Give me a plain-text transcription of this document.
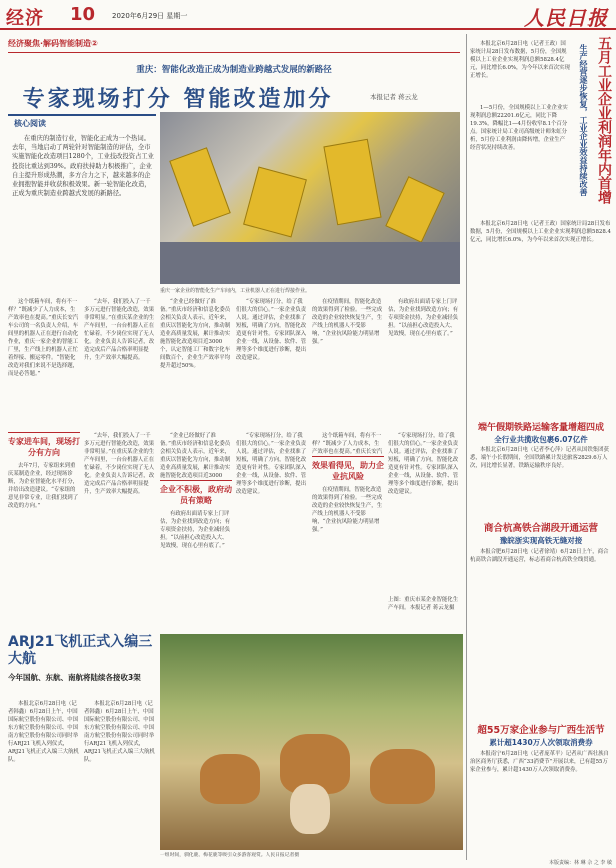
经济 10 2020年6月29日 星期一	人民日报
经济聚焦·解码智能制造②
重庆：智能化改造正成为制造业跨越式发展的新路径
专家现场打分 智能改造加分	本报记者 蒋云龙
核心阅读
在重庆的制造行业，智能化正成为一个热词。去年，当地启动了两轮针对智能制造的评估，全市实施智能化改造项目1280个，工业技改投资占工业投资比重达到39%。政府扶持助力积极推广，企业自主提升形成热潮，多方合力之下，越来越多的企业拥抱智能并收获积极效果。新一轮智能化改造，正成为重庆制造业跨越式发展的新路径。
重庆一家企业的智能化生产车间内，工业机器人正在进行焊接作业。
这个纸箱车间，将有不一样？“既减少了人力成本，生产效率也在提高。”重庆长安汽车公司的一名负责人介绍，车间里的机器人正在进行自动化作业，重庆一家企业的智能工厂里，生产线上的机器人正忙着焊接、搬运零件。“智能化改造对我们来说不是选择题，而是必答题。”
“去年，我们投入了一千多万元进行智能化改造，效果非常明显。”在重庆某企业的生产车间里，一台台机器人正在忙碌着，不少岗位实现了无人化。企业负责人告诉记者，改造完成后产品合格率明显提升，生产效率大幅提高。
“企业已经做好了准备。”重庆市经济和信息化委员会相关负责人表示，近年来，重庆以智能化为方向，推动制造业高质量发展，累计推动实施智能化改造项目近3000个，认定智能工厂和数字化车间数百个，企业生产效率平均提升超过50%。
“专家现场打分，给了我们很大的信心。”一家企业负责人说。通过评估，企业找准了短板，明确了方向，智能化改造更有针对性。专家团队深入企业一线，从设备、软件、管理等多个维度进行诊断，提出改造建议。
在疫情期间，智能化改造的效果得到了检验。一些完成改造的企业较快恢复生产，生产线上的机器人不受影响，“企业抗风险能力明显增强。”
有政府出面请专家上门评估，为企业找到改造方向；有专项资金扶持，为企业减轻负担。“以前担心改造投入大、见效慢，现在心里有底了。”
专家进车间，现场打分有方向
去年7月，专家组来到重庆某制造企业，经过现场诊断，为企业智能化水平打分，并给出改造建议。“专家组的意见非常专业，让我们找到了改造的方向。”
“去年，我们投入了一千多万元进行智能化改造，效果非常明显。”在重庆某企业的生产车间里，一台台机器人正在忙碌着，不少岗位实现了无人化。企业负责人告诉记者，改造完成后产品合格率明显提升，生产效率大幅提高。	企业不积极，政府动员有策略
“企业已经做好了准备。”重庆市经济和信息化委员会相关负责人表示，近年来，重庆以智能化为方向，推动制造业高质量发展，累计推动实施智能化改造项目近3000
有政府出面请专家上门评估，为企业找到改造方向；有专项资金扶持，为企业减轻负担。“以前担心改造投入大、见效慢，现在心里有底了。”
“专家现场打分，给了我们很大的信心。”一家企业负责人说。通过评估，企业找准了短板，明确了方向，智能化改造更有针对性。专家团队深入企业一线，从设备、软件、管理等多个维度进行诊断，提出改造建议。
效果看得见，助力企业抗风险
这个纸箱车间，将有不一样？“既减少了人力成本，生产效率也在提高。”重庆长安汽
在疫情期间，智能化改造的效果得到了检验。一些完成改造的企业较快恢复生产，生产线上的机器人不受影响，“企业抗风险能力明显增强。”
“专家现场打分，给了我们很大的信心。”一家企业负责人说。通过评估，企业找准了短板，明确了方向，智能化改造更有针对性。专家团队深入企业一线，从设备、软件、管理等多个维度进行诊断，提出改造建议。
上图：重庆市某企业智能化生产车间。本报记者 蒋云龙摄
ARJ21飞机正式入编三大航
今年国航、东航、南航将陆续各接收3架
本报北京6月28日电（记者韩鑫）6月28日上午，中国国际航空股份有限公司、中国东方航空股份有限公司、中国南方航空股份有限公司同时举行ARJ21飞机入列仪式，ARJ21飞机正式入编三大航机队。
本报北京6月28日电（记者韩鑫）6月28日上午，中国国际航空股份有限公司、中国东方航空股份有限公司、中国南方航空股份有限公司同时举行ARJ21飞机入列仪式，ARJ21飞机正式入编三大航机队。
一组时间，驯化鹿、梅花鹿等吸引众多游客观赏。人民日报记者摄
五月工业企业利润年内首增
生产经营逐步恢复，工业企业效益持续改善
本报北京6月28日电（记者王政）国家统计局28日发布数据，5月份，全国规模以上工业企业实现利润总额5828.4亿元，同比增长6.0%，为今年以来首次实现正增长。
1—5月份，全国规模以上工业企业实现利润总额22201.6亿元，同比下降19.3%，降幅比1—4月份收窄8.1个百分点。国家统计局工业司高级统计师朱虹分析，5月份工业利润由降转增，企业生产经营状况持续改善。
本报北京6月28日电（记者王政）国家统计局28日发布数据，5月份，全国规模以上工业企业实现利润总额5828.4亿元，同比增长6.0%，为今年以来首次实现正增长。
端午假期铁路运输客量增超四成
全行业共揽收包裹6.07亿件
本报北京6月28日电（记者李心萍）记者从国铁集团获悉，端午小长假期间，全国铁路累计发送旅客2829.6万人次，同比增长显著，铁路运输秩序良好。
商合杭高铁合湖段开通运营
豫皖浙实现高铁无缝对接
本报合肥6月28日电（记者徐靖）6月28日上午，商合杭高铁合湖段开通运营，标志着商合杭高铁全线贯通。
超55万家企业参与广西生活节
累计超1430万人次领取消费券
本报南宁6月28日电（记者庞革平）记者从广西壮族自治区商务厅获悉，广西“33消费节”开展以来，已有超55万家企业参与，累计超1430万人次领取消费券。
本版责编：林 琳 佘 之 李 敏
